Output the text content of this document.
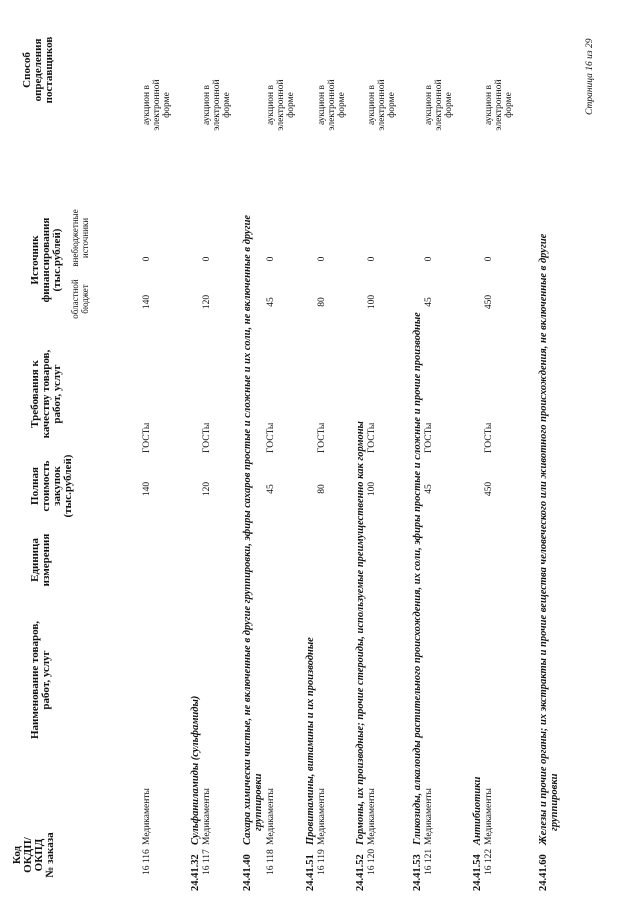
Код ОКДП/ ОКПД № заказа
Наименование товаров, работ, услуг
Единица измерения
Полная стоимость закупок (тыс.рублей)
Требования к качеству товаров, работ, услуг
Источник финансирования (тыс.рублей)
областной бюджет
внебюджетные источники
Способ определения поставщиков
16 116
Медикаменты
140
ГОСТы
140
0
аукцион в электронной форме
24.41.32Сульфаниламиды (сульфамиды)
16 117
Медикаменты
120
ГОСТы
120
0
аукцион в электронной форме
24.41.40Сахара химически чистые, не включенные в другие группировки, эфиры сахаров простые и сложные и их соли, не включенные в другие группировки
16 118
Медикаменты
45
ГОСТы
45
0
аукцион в электронной форме
24.41.51Провитамины, витамины и их производные
16 119
Медикаменты
80
ГОСТы
80
0
аукцион в электронной форме
24.41.52Гормоны, их производные; прочие стероиды, используемые преимущественно как гормоны
16 120
Медикаменты
100
ГОСТы
100
0
аукцион в электронной форме
24.41.53Гликозиды, алкалоиды растительного происхождения, их соли, эфиры простые и сложные и прочие производные
16 121
Медикаменты
45
ГОСТы
45
0
аукцион в электронной форме
24.41.54Антибиотики
16 122
Медикаменты
450
ГОСТы
450
0
аукцион в электронной форме
24.41.60Железы и прочие органы; их экстракты и прочие вещества человеческого или животного происхождения, не включенные в другие группировки
Страница 16 из 29
